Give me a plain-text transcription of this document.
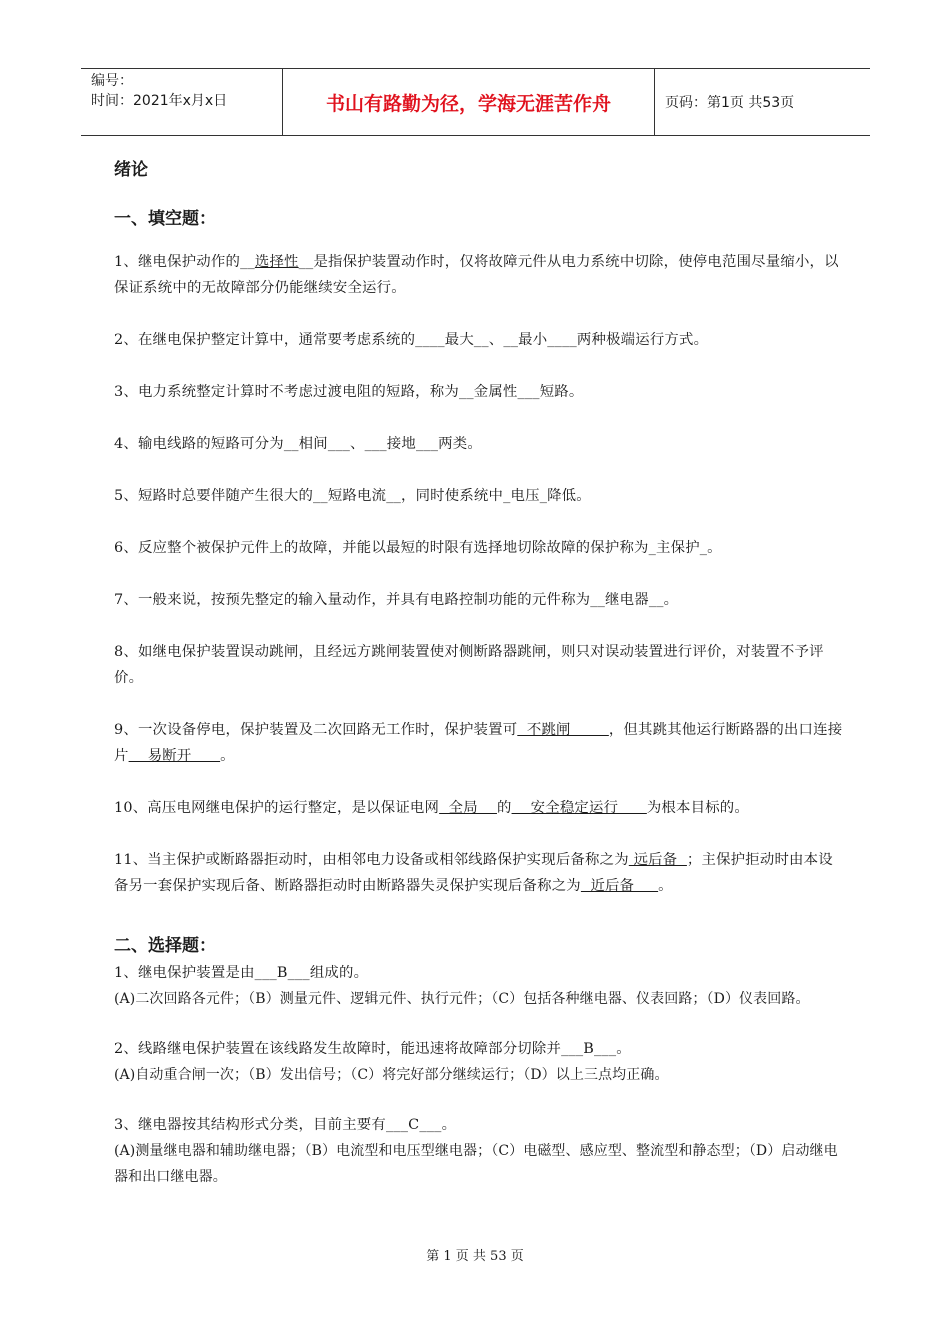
编号：
时间：2021年x月x日	书山有路勤为径，学海无涯苦作舟	页码：第1页 共53页
绪论
一、填空题：

1、继电保护动作的__选择性__是指保护装置动作时，仅将故障元件从电力系统中切除，使停电范围尽量缩小，以保证系统中的无故障部分仍能继续安全运行。

2、在继电保护整定计算中，通常要考虑系统的____最大__、__最小____两种极端运行方式。

3、电力系统整定计算时不考虑过渡电阻的短路，称为__金属性___短路。

4、输电线路的短路可分为__相间___、___接地___两类。

5、短路时总要伴随产生很大的__短路电流__，同时使系统中_电压_降低。

6、反应整个被保护元件上的故障，并能以最短的时限有选择地切除故障的保护称为_主保护_。

7、一般来说，按预先整定的输入量动作，并具有电路控制功能的元件称为__继电器__。

8、如继电保护装置误动跳闸，且经远方跳闸装置使对侧断路器跳闸，则只对误动装置进行评价，对装置不予评价。

9、一次设备停电，保护装置及二次回路无工作时，保护装置可  不跳闸        ，但其跳其他运行断路器的出口连接片    易断开      。

10、高压电网继电保护的运行整定，是以保证电网  全局    的    安全稳定运行      为根本目标的。

11、当主保护或断路器拒动时，由相邻电力设备或相邻线路保护实现后备称之为 远后备  ；主保护拒动时由本设备另一套保护实现后备、断路器拒动时由断路器失灵保护实现后备称之为  近后备     。

二、选择题：

1、继电保护装置是由___B___组成的。

(A)二次回路各元件；（B）测量元件、逻辑元件、执行元件；（C）包括各种继电器、仪表回路；（D）仪表回路。

2、线路继电保护装置在该线路发生故障时，能迅速将故障部分切除并___B___。

(A)自动重合闸一次；（B）发出信号；（C）将完好部分继续运行；（D）以上三点均正确。

3、继电器按其结构形式分类，目前主要有___C___。

(A)测量继电器和辅助继电器；（B）电流型和电压型继电器；（C）电磁型、感应型、整流型和静态型；（D）启动继电器和出口继电器。

第 1 页 共 53 页
